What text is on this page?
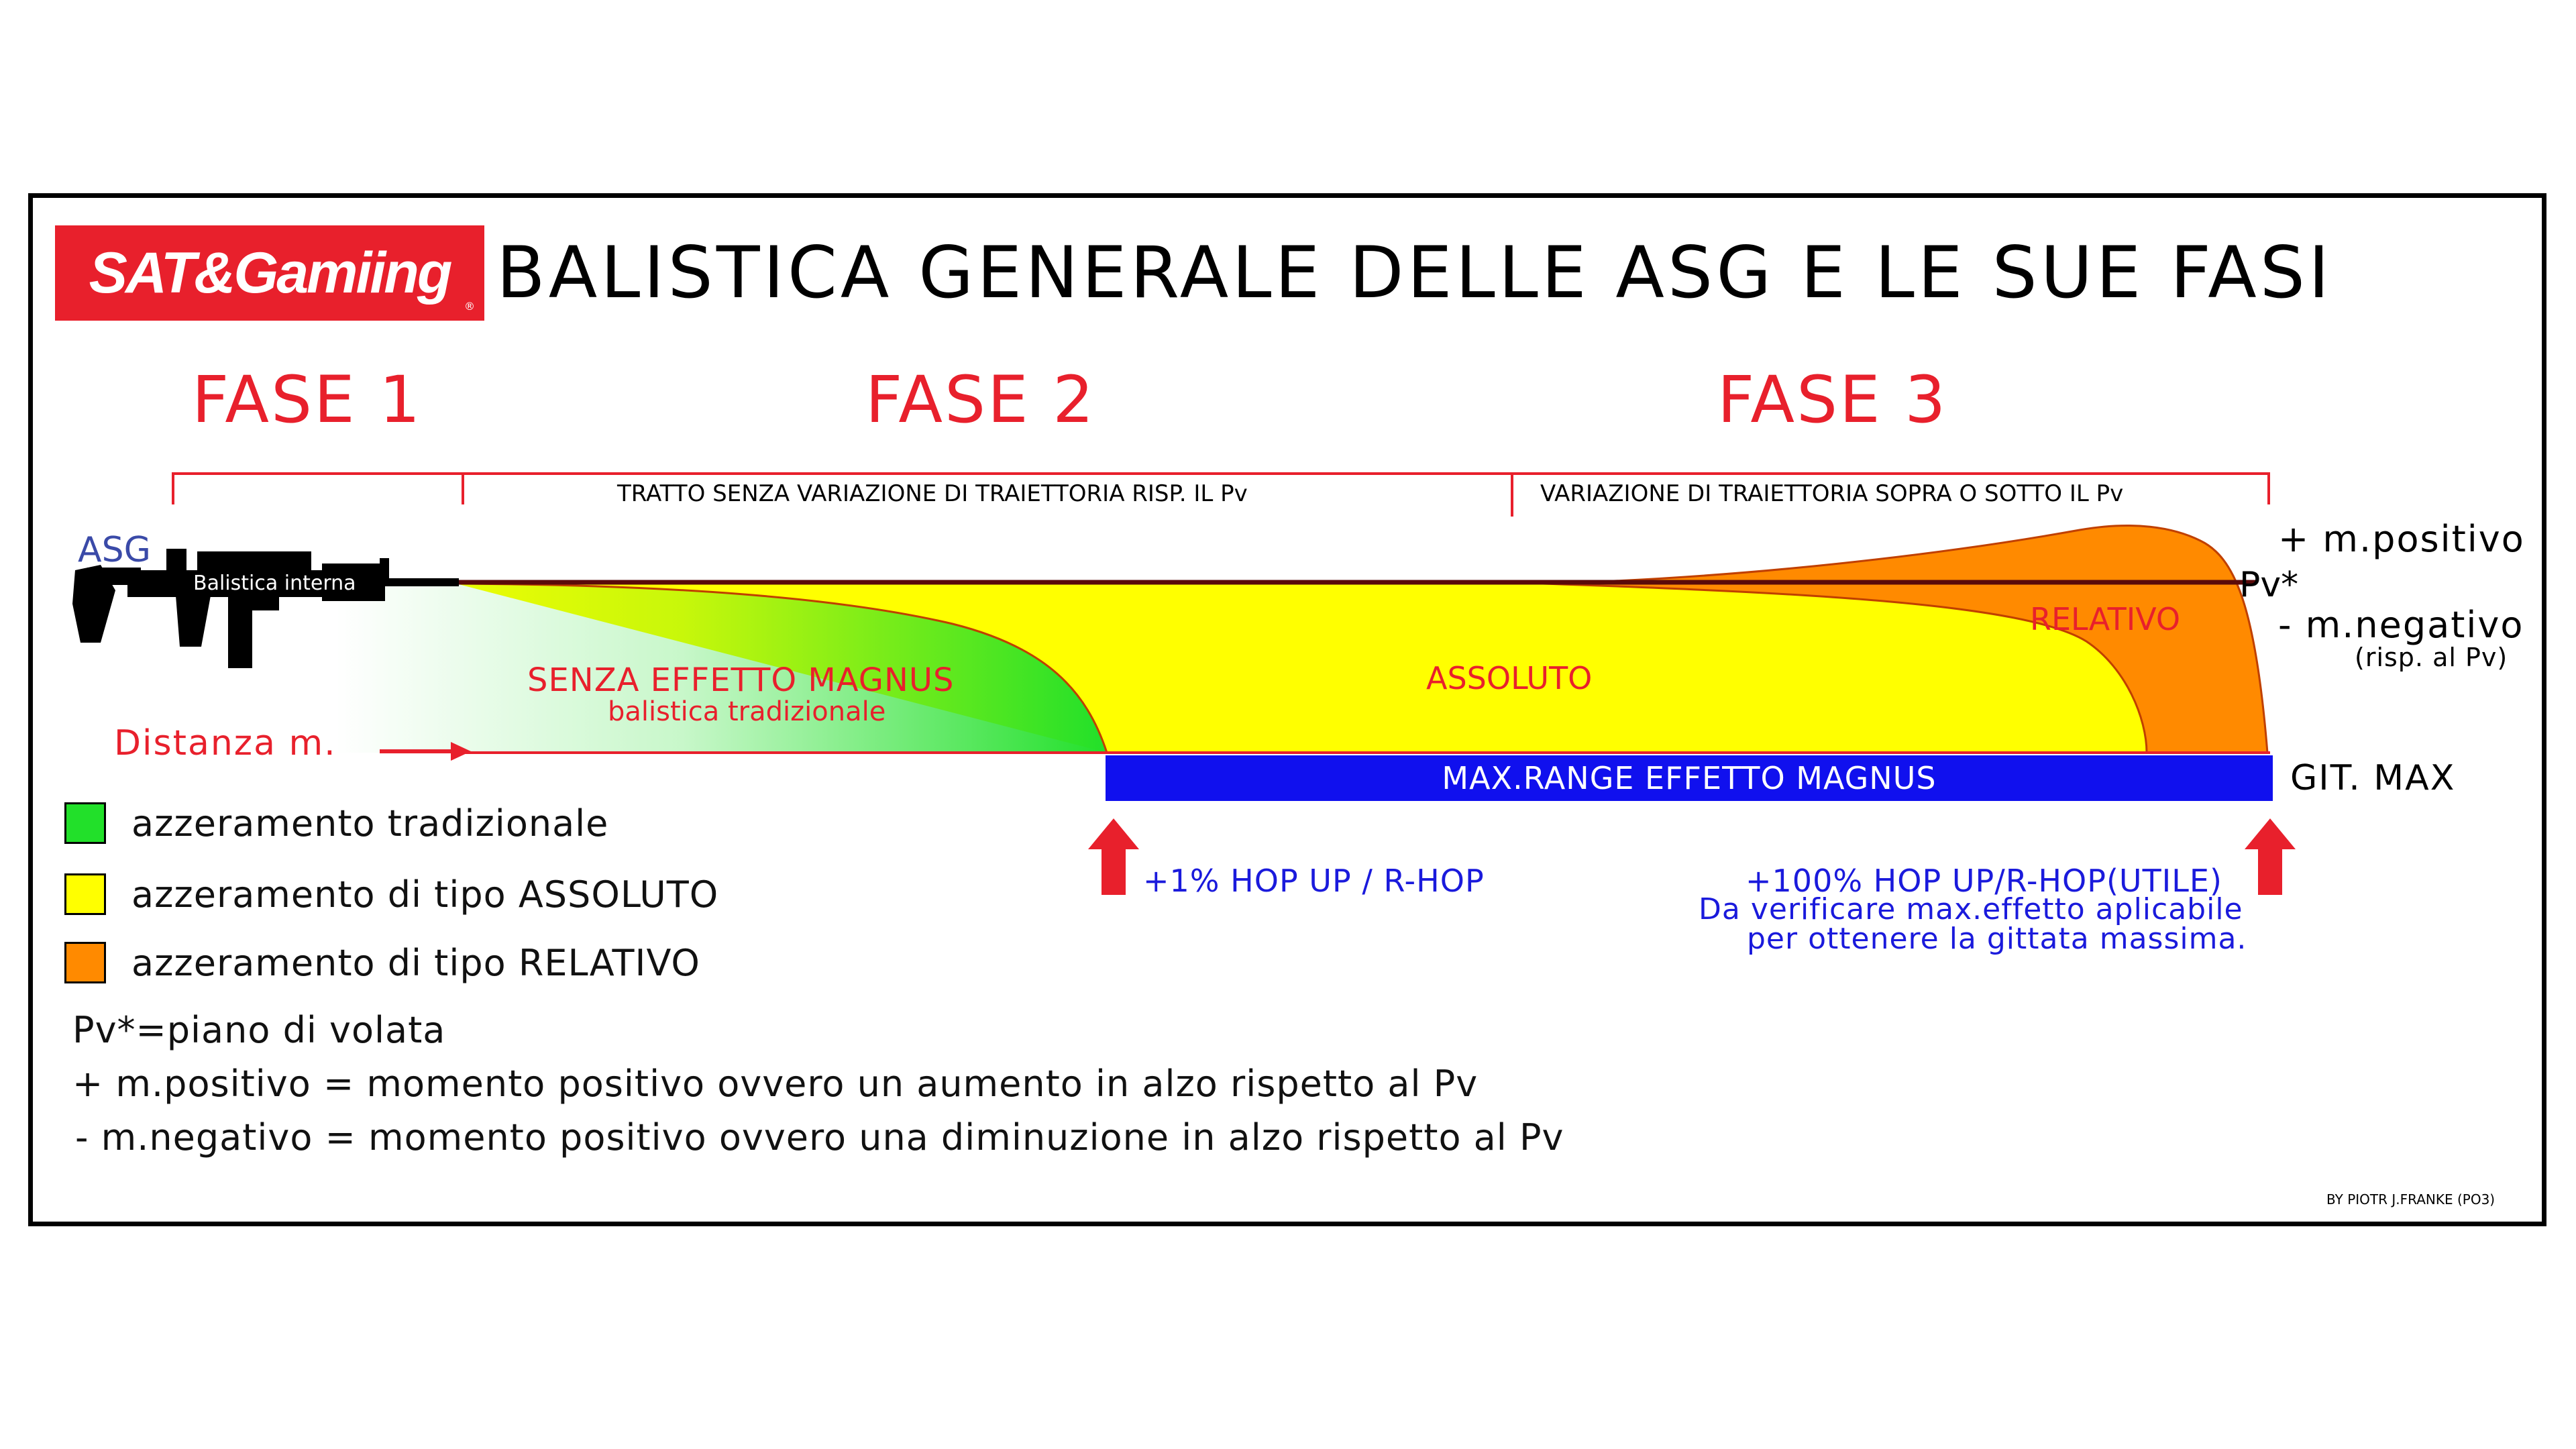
SAT&Gamiing
® BALISTICA GENERALE DELLE ASG E LE SUE FASI
FASE 1	FASE 2	FASE 3
TRATTO SENZA VARIAZIONE DI TRAIETTORIA RISP. IL Pv	VARIAZIONE DI TRAIETTORIA SOPRA O SOTTO IL Pv
ASG
Balistica interna	Pv*
+ m.positivo
- m.negativo
(risp. al Pv)
Distanza m.
SENZA EFFETTO MAGNUS
balistica tradizionale
ASSOLUTO
RELATIVO
MAX.RANGE EFFETTO MAGNUS	GIT. MAX
+1% HOP UP / R-HOP	+100% HOP UP/R-HOP(UTILE)
Da verificare max.effetto aplicabile
per ottenere la gittata massima.
azzeramento tradizionale
azzeramento di tipo ASSOLUTO
azzeramento di tipo RELATIVO
Pv*=piano di volata
+ m.positivo = momento positivo ovvero un aumento in alzo rispetto al Pv
- m.negativo = momento positivo ovvero una diminuzione in alzo rispetto al Pv
BY PIOTR J.FRANKE (PO3)
